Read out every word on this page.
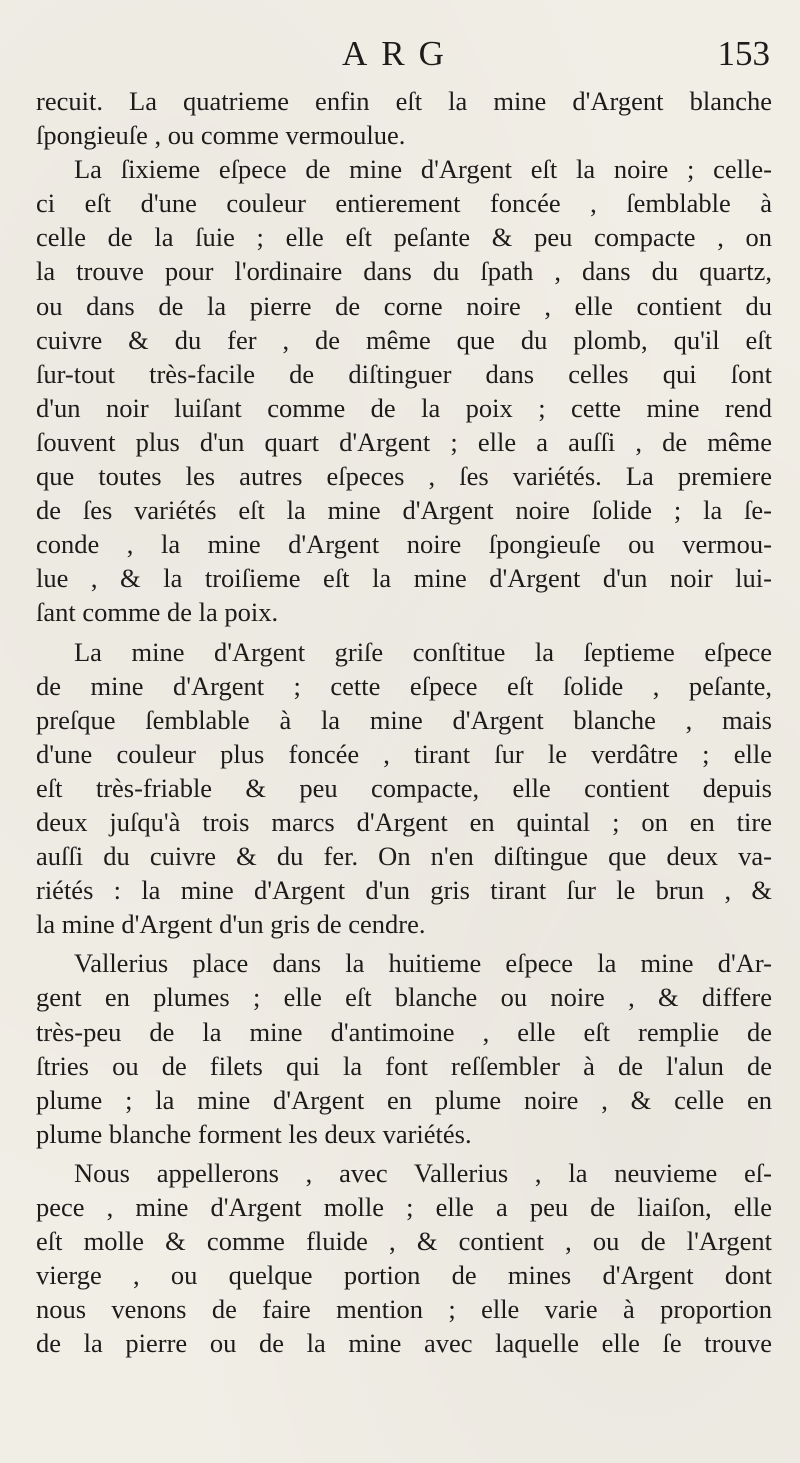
ARG	153
recuit. La quatrieme enfin eſt la mine d'Argent blanche
ſpongieuſe , ou comme vermoulue.
La ſixieme eſpece de mine d'Argent eſt la noire ; celle-
ci eſt d'une couleur entierement foncée , ſemblable à
celle de la ſuie ; elle eſt peſante & peu compacte , on
la trouve pour l'ordinaire dans du ſpath , dans du quartz,
ou dans de la pierre de corne noire , elle contient du
cuivre & du fer , de même que du plomb, qu'il eſt
ſur-tout très-facile de diſtinguer dans celles qui ſont
d'un noir luiſant comme de la poix ; cette mine rend
ſouvent plus d'un quart d'Argent ; elle a auſſi , de même
que toutes les autres eſpeces , ſes variétés. La premiere
de ſes variétés eſt la mine d'Argent noire ſolide ; la ſe-
conde , la mine d'Argent noire ſpongieuſe ou vermou-
lue , & la troiſieme eſt la mine d'Argent d'un noir lui-
ſant comme de la poix.
La mine d'Argent griſe conſtitue la ſeptieme eſpece
de mine d'Argent ; cette eſpece eſt ſolide , peſante,
preſque ſemblable à la mine d'Argent blanche , mais
d'une couleur plus foncée , tirant ſur le verdâtre ; elle
eſt très-friable & peu compacte, elle contient depuis
deux juſqu'à trois marcs d'Argent en quintal ; on en tire
auſſi du cuivre & du fer. On n'en diſtingue que deux va-
riétés : la mine d'Argent d'un gris tirant ſur le brun , &
la mine d'Argent d'un gris de cendre.
Vallerius place dans la huitieme eſpece la mine d'Ar-
gent en plumes ; elle eſt blanche ou noire , & differe
très-peu de la mine d'antimoine , elle eſt remplie de
ſtries ou de filets qui la font reſſembler à de l'alun de
plume ; la mine d'Argent en plume noire , & celle en
plume blanche forment les deux variétés.
Nous appellerons , avec Vallerius , la neuvieme eſ-
pece , mine d'Argent molle ; elle a peu de liaiſon, elle
eſt molle & comme fluide , & contient , ou de l'Argent
vierge , ou quelque portion de mines d'Argent dont
nous venons de faire mention ; elle varie à proportion
de la pierre ou de la mine avec laquelle elle ſe trouve
